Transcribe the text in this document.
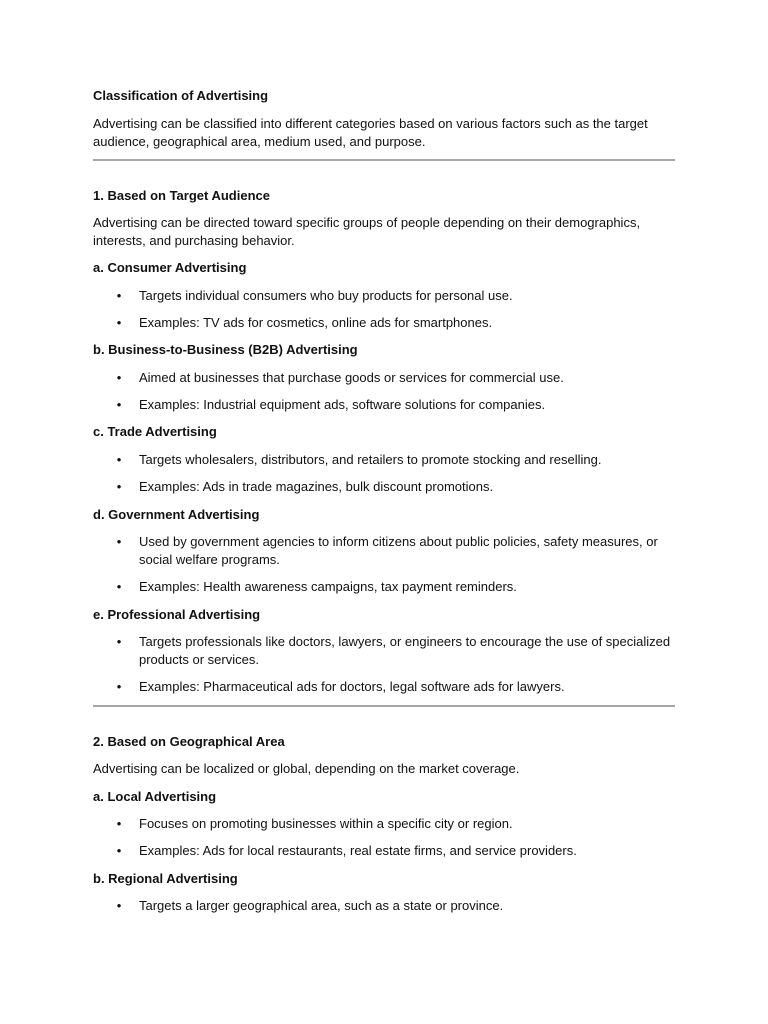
Classification of Advertising

Advertising can be classified into different categories based on various factors such as the target audience, geographical area, medium used, and purpose.

1. Based on Target Audience

Advertising can be directed toward specific groups of people depending on their demographics, interests, and purchasing behavior.

a. Consumer Advertising

• Targets individual consumers who buy products for personal use.
• Examples: TV ads for cosmetics, online ads for smartphones.

b. Business-to-Business (B2B) Advertising

• Aimed at businesses that purchase goods or services for commercial use.
• Examples: Industrial equipment ads, software solutions for companies.

c. Trade Advertising

• Targets wholesalers, distributors, and retailers to promote stocking and reselling.
• Examples: Ads in trade magazines, bulk discount promotions.

d. Government Advertising

• Used by government agencies to inform citizens about public policies, safety measures, or social welfare programs.
• Examples: Health awareness campaigns, tax payment reminders.

e. Professional Advertising

• Targets professionals like doctors, lawyers, or engineers to encourage the use of specialized products or services.
• Examples: Pharmaceutical ads for doctors, legal software ads for lawyers.

2. Based on Geographical Area

Advertising can be localized or global, depending on the market coverage.

a. Local Advertising

• Focuses on promoting businesses within a specific city or region.
• Examples: Ads for local restaurants, real estate firms, and service providers.

b. Regional Advertising

• Targets a larger geographical area, such as a state or province.
